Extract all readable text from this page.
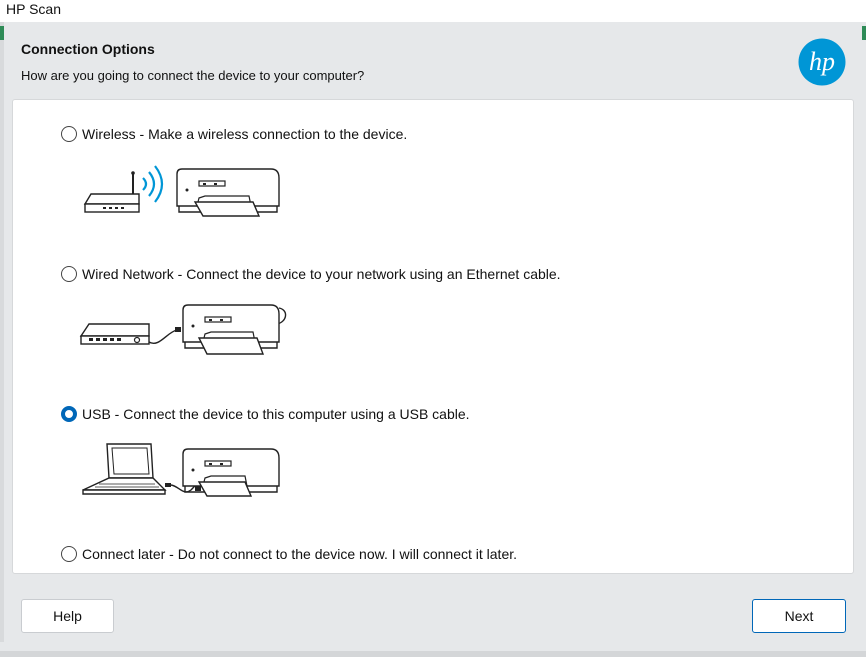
HP Scan
Connection Options
How are you going to connect the device to your computer?	hp
Wireless - Make a wireless connection to the device.
Wired Network - Connect the device to your network using an Ethernet cable.
USB - Connect the device to this computer using a USB cable.
Connect later - Do not connect to the device now. I will connect it later.
Help	Next
